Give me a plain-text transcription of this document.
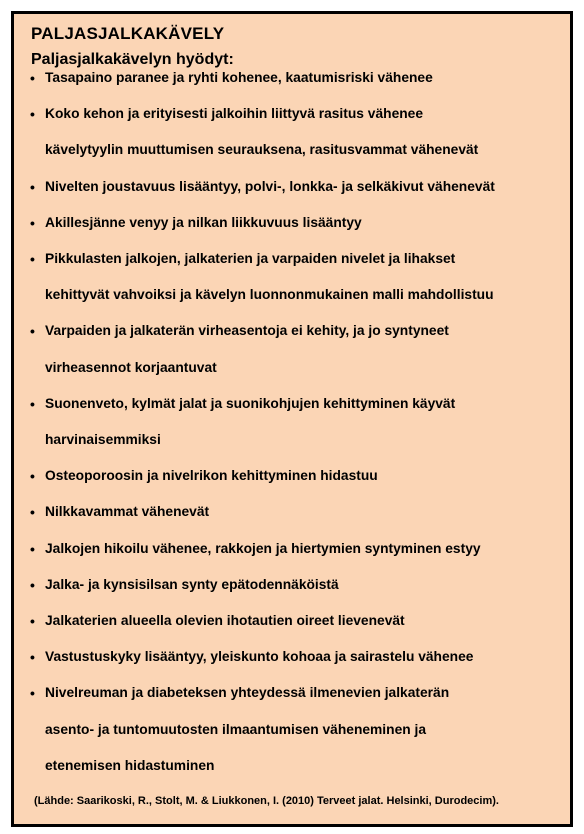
PALJASJALKAKÄVELY
Paljasjalkakävelyn hyödyt:
• Tasapaino paranee ja ryhti kohenee, kaatumisriski vähenee
• Koko kehon ja erityisesti jalkoihin liittyvä rasitus vähenee
kävelytyylin muuttumisen seurauksena, rasitusvammat vähenevät
• Nivelten joustavuus lisääntyy, polvi-, lonkka- ja selkäkivut vähenevät
• Akillesjänne venyy ja nilkan liikkuvuus lisääntyy
• Pikkulasten jalkojen, jalkaterien ja varpaiden nivelet ja lihakset
kehittyvät vahvoiksi ja kävelyn luonnonmukainen malli mahdollistuu
• Varpaiden ja jalkaterän virheasentoja ei kehity, ja jo syntyneet
virheasennot korjaantuvat
• Suonenveto, kylmät jalat ja suonikohjujen kehittyminen käyvät
harvinaisemmiksi
• Osteoporoosin ja nivelrikon kehittyminen hidastuu
• Nilkkavammat vähenevät
• Jalkojen hikoilu vähenee, rakkojen ja hiertymien syntyminen estyy
• Jalka- ja kynsisilsan synty epätodennäköistä
• Jalkaterien alueella olevien ihotautien oireet lievenevät
• Vastustuskyky lisääntyy, yleiskunto kohoaa ja sairastelu vähenee
• Nivelreuman ja diabeteksen yhteydessä ilmenevien jalkaterän
asento- ja tuntomuutosten ilmaantumisen väheneminen ja
etenemisen hidastuminen
(Lähde: Saarikoski, R., Stolt, M. & Liukkonen, I. (2010) Terveet jalat. Helsinki, Durodecim).
